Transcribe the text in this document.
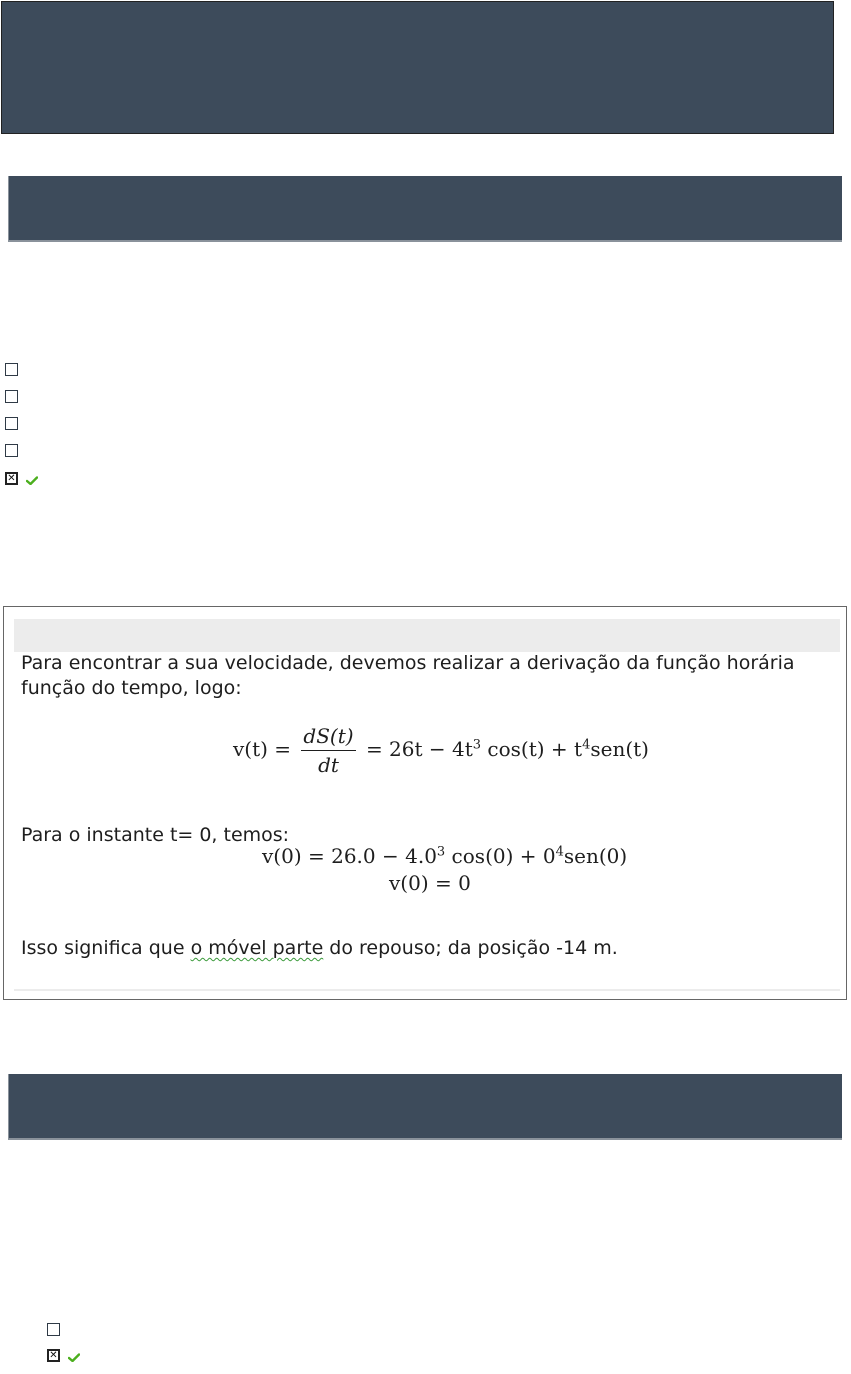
✕
Para encontrar a sua velocidade, devemos realizar a derivação da função horária
função do tempo, logo:
$v(t) = \frac{dS(t)}{dt} = 26t - 4t^3$ $\cos(t) + t^4sen(t)$
Para o instante t= 0, temos:
$v(0) = 26.0 - 4.0^3$ $\cos(0) + 0^4sen(0)$
v(0) = 0
Isso significa que o móvel parte do repouso; da posição -14 m.
✕
